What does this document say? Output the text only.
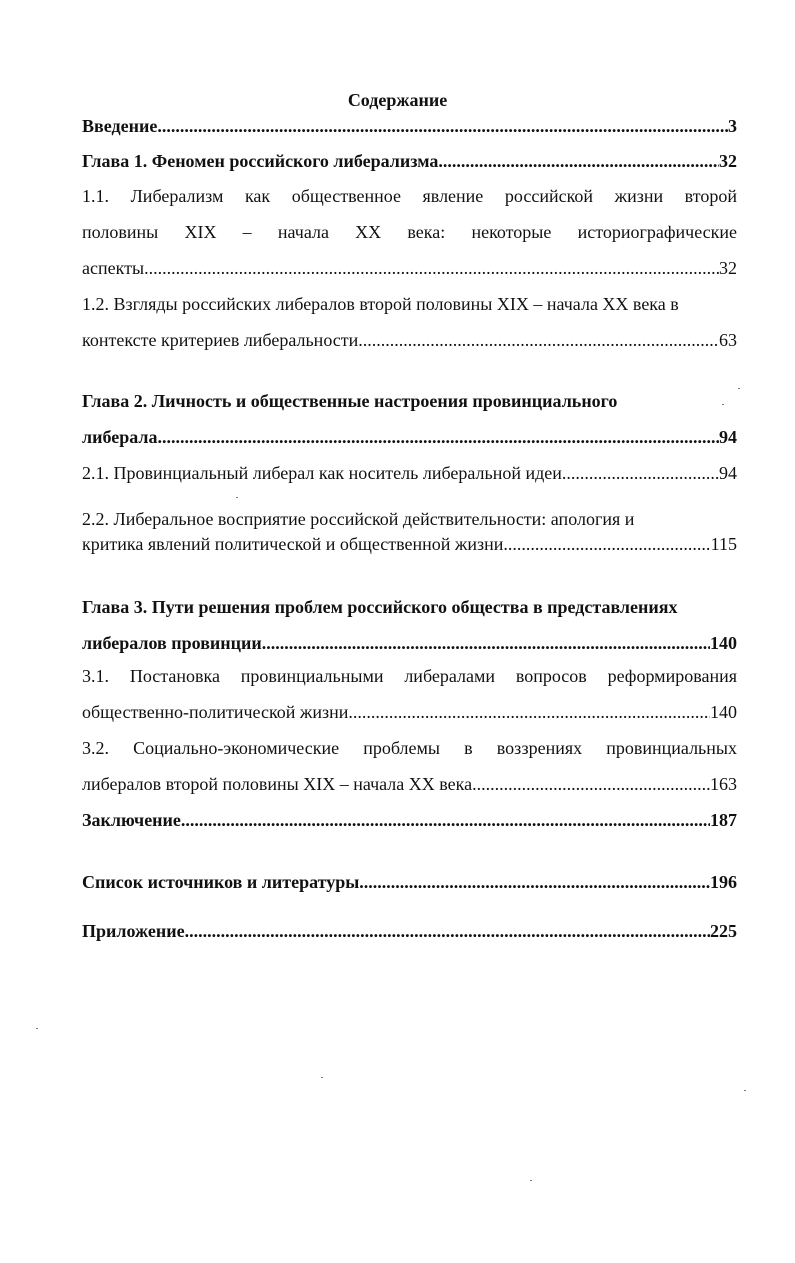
Содержание
Введение .....	3
Глава 1. Феномен российского либерализма .....	32
1.1. Либерализм как общественное явление российской жизни второй
половины XIX – начала XX века: некоторые историографические
аспекты .....	32
1.2. Взгляды российских либералов второй половины XIX – начала XX века в
контексте критериев либеральности .....	63
Глава 2. Личность и общественные настроения провинциального
либерала .....	94
2.1. Провинциальный либерал как носитель либеральной идеи .....	94
2.2. Либеральное восприятие российской действительности: апология и
критика явлений политической и общественной жизни... .....	115
Глава 3. Пути решения проблем российского общества в представлениях
либералов провинции .....	140
3.1. Постановка провинциальными либералами вопросов реформирования
общественно-политической жизни .....	140
3.2. Социально-экономические проблемы в воззрениях провинциальных
либералов второй половины XIX – начала XX века .....	163
Заключение .....	187
Список источников и литературы .....	196
Приложение .....	225
